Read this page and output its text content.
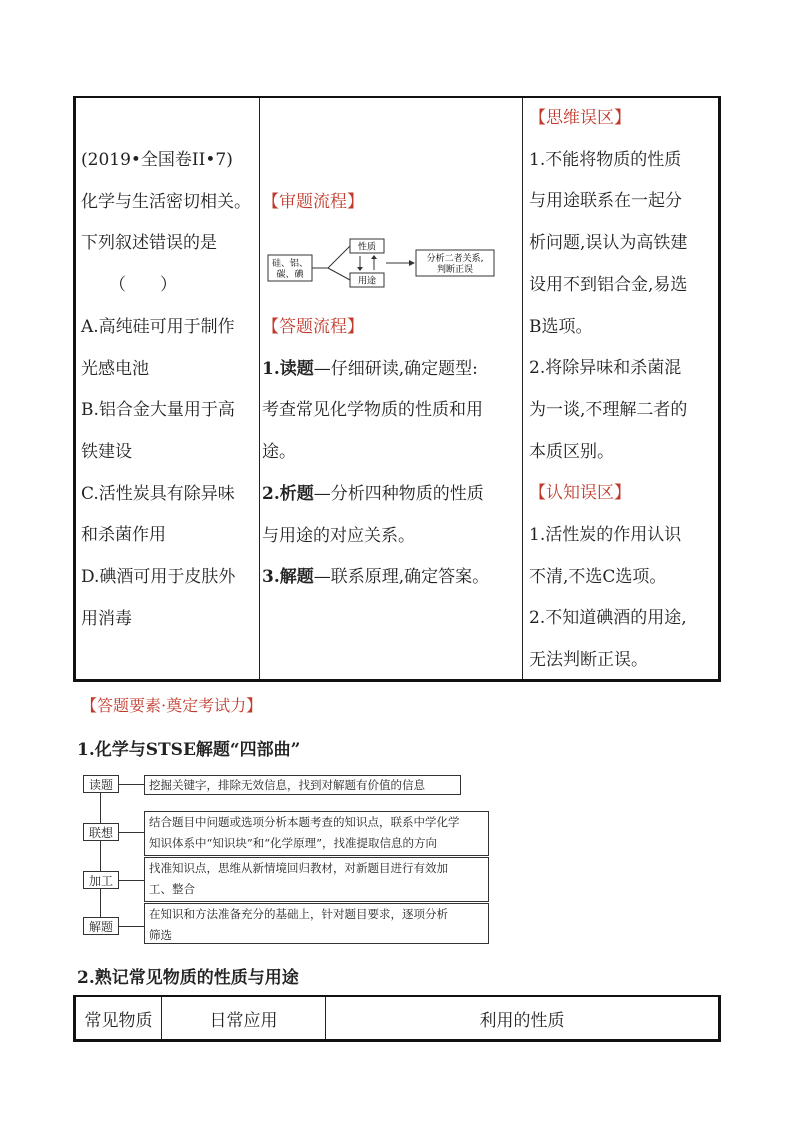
(2019•全国卷II•7)
化学与生活密切相关。
下列叙述错误的是
（　　）
A.高纯硅可用于制作
光感电池
B.铝合金大量用于高
铁建设
C.活性炭具有除异味
和杀菌作用
D.碘酒可用于皮肤外
用消毒
【审题流程】
硅、铝、
碳、碘
性质
用途
分析二者关系,
判断正误
【答题流程】
1.读题—仔细研读,确定题型:
考查常见化学物质的性质和用
途。
2.析题—分析四种物质的性质
与用途的对应关系。
3.解题—联系原理,确定答案。
【思维误区】
1.不能将物质的性质
与用途联系在一起分
析问题,误认为高铁建
设用不到铝合金,易选
B选项。
2.将除异味和杀菌混
为一谈,不理解二者的
本质区别。
【认知误区】
1.活性炭的作用认识
不清,不选C选项。
2.不知道碘酒的用途,
无法判断正误。
【答题要素·奠定考试力】
1.化学与STSE解题“四部曲”
读题
联想
加工
解题
挖掘关键字，排除无效信息，找到对解题有价值的信息
结合题目中问题或选项分析本题考查的知识点，联系中学化学
知识体系中“知识块”和“化学原理”，找准提取信息的方向
找准知识点，思维从新情境回归教材，对新题目进行有效加
工、整合
在知识和方法准备充分的基础上，针对题目要求，逐项分析
筛选
2.熟记常见物质的性质与用途
常见物质	日常应用	利用的性质
